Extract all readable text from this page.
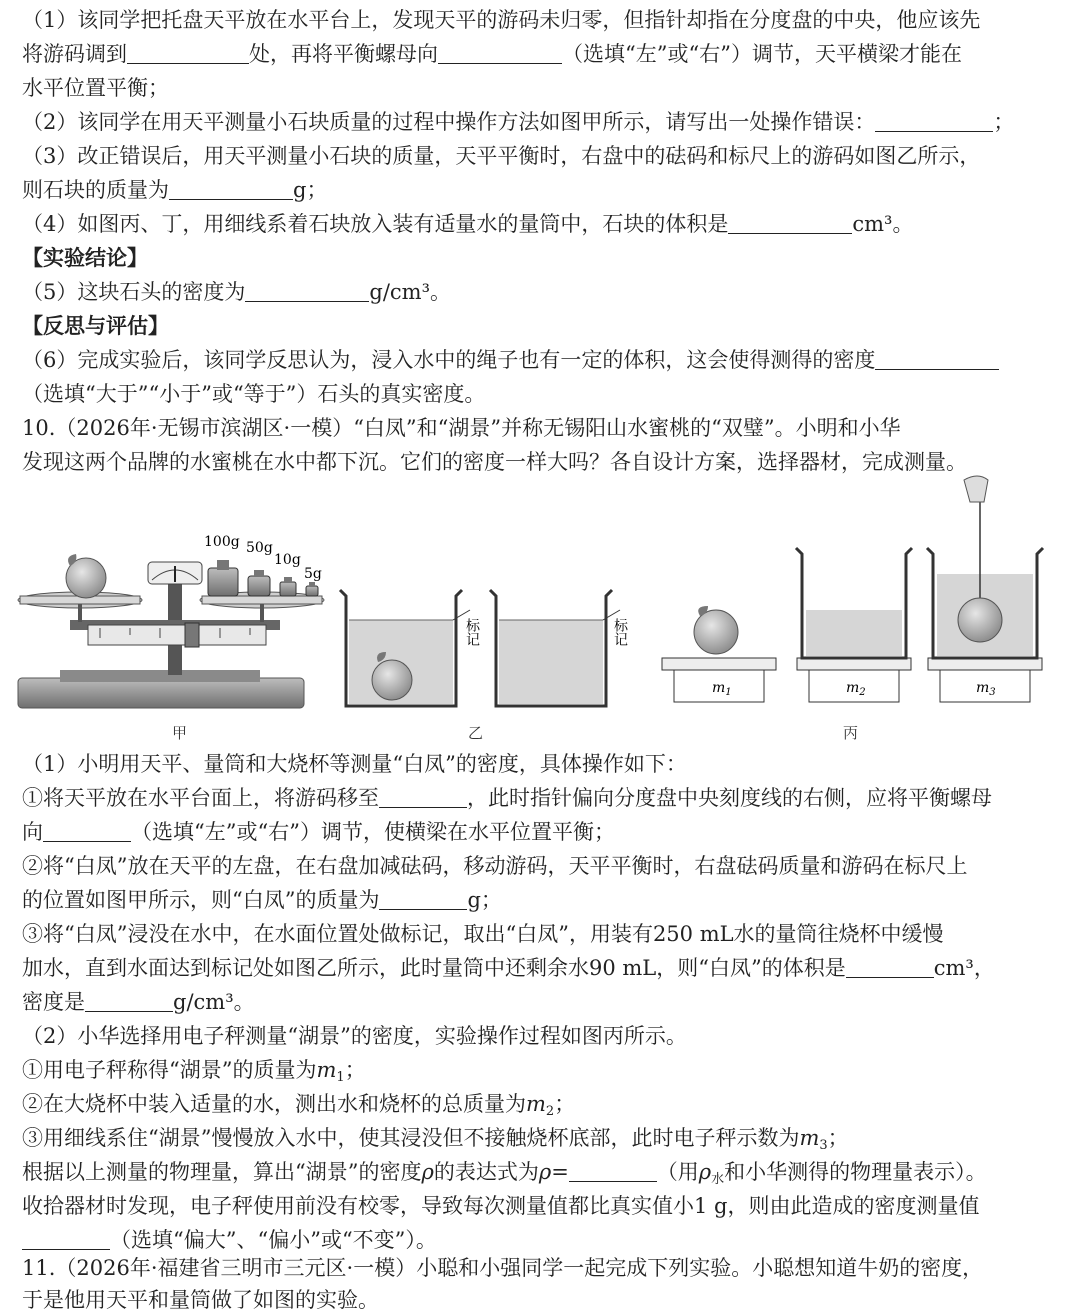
（1）该同学把托盘天平放在水平台上，发现天平的游码未归零，但指针却指在分度盘的中央，他应该先
将游码调到	处，再将平衡螺母向	（选填“左”或“右”）调节，天平横梁才能在
水平位置平衡；
（2）该同学在用天平测量小石块质量的过程中操作方法如图甲所示，请写出一处操作错误：	；
（3）改正错误后，用天平测量小石块的质量，天平平衡时，右盘中的砝码和标尺上的游码如图乙所示，
则石块的质量为	g；
（4）如图丙、丁，用细线系着石块放入装有适量水的量筒中，石块的体积是	cm³。
【实验结论】
（5）这块石头的密度为	g/cm³。
【反思与评估】
（6）完成实验后，该同学反思认为，浸入水中的绳子也有一定的体积，这会使得测得的密度
（选填“大于”“小于”或“等于”）石头的真实密度。
10.（2026年·无锡市滨湖区·一模）“白凤”和“湖景”并称无锡阳山水蜜桃的“双璧”。小明和小华
发现这两个品牌的水蜜桃在水中都下沉。它们的密度一样大吗？各自设计方案，选择器材，完成测量。
100g 50g
10g
5g
甲
标记	标记
乙
$m_1$	$m_2$	$m_3$
丙
（1）小明用天平、量筒和大烧杯等测量“白凤”的密度，具体操作如下：
①将天平放在水平台面上，将游码移至	，此时指针偏向分度盘中央刻度线的右侧，应将平衡螺母
向	（选填“左”或“右”）调节，使横梁在水平位置平衡；
②将“白凤”放在天平的左盘，在右盘加减砝码，移动游码，天平平衡时，右盘砝码质量和游码在标尺上
的位置如图甲所示，则“白凤”的质量为	g；
③将“白凤”浸没在水中，在水面位置处做标记，取出“白凤”，用装有250 mL水的量筒往烧杯中缓慢
加水，直到水面达到标记处如图乙所示，此时量筒中还剩余水90 mL，则“白凤”的体积是	cm³，
密度是	g/cm³。
（2）小华选择用电子秤测量“湖景”的密度，实验操作过程如图丙所示。
①用电子秤称得“湖景”的质量为$m_1$；
②在大烧杯中装入适量的水，测出水和烧杯的总质量为$m_2$；
③用细线系住“湖景”慢慢放入水中，使其浸没但不接触烧杯底部，此时电子秤示数为$m_3$；
根据以上测量的物理量，算出“湖景”的密度ρ的表达式为ρ=	（用$\rho_水$和小华测得的物理量表示）。
收拾器材时发现，电子秤使用前没有校零，导致每次测量值都比真实值小1 g，则由此造成的密度测量值
（选填“偏大”、“偏小”或“不变”）。
11.（2026年·福建省三明市三元区·一模）小聪和小强同学一起完成下列实验。小聪想知道牛奶的密度，
于是他用天平和量筒做了如图的实验。
